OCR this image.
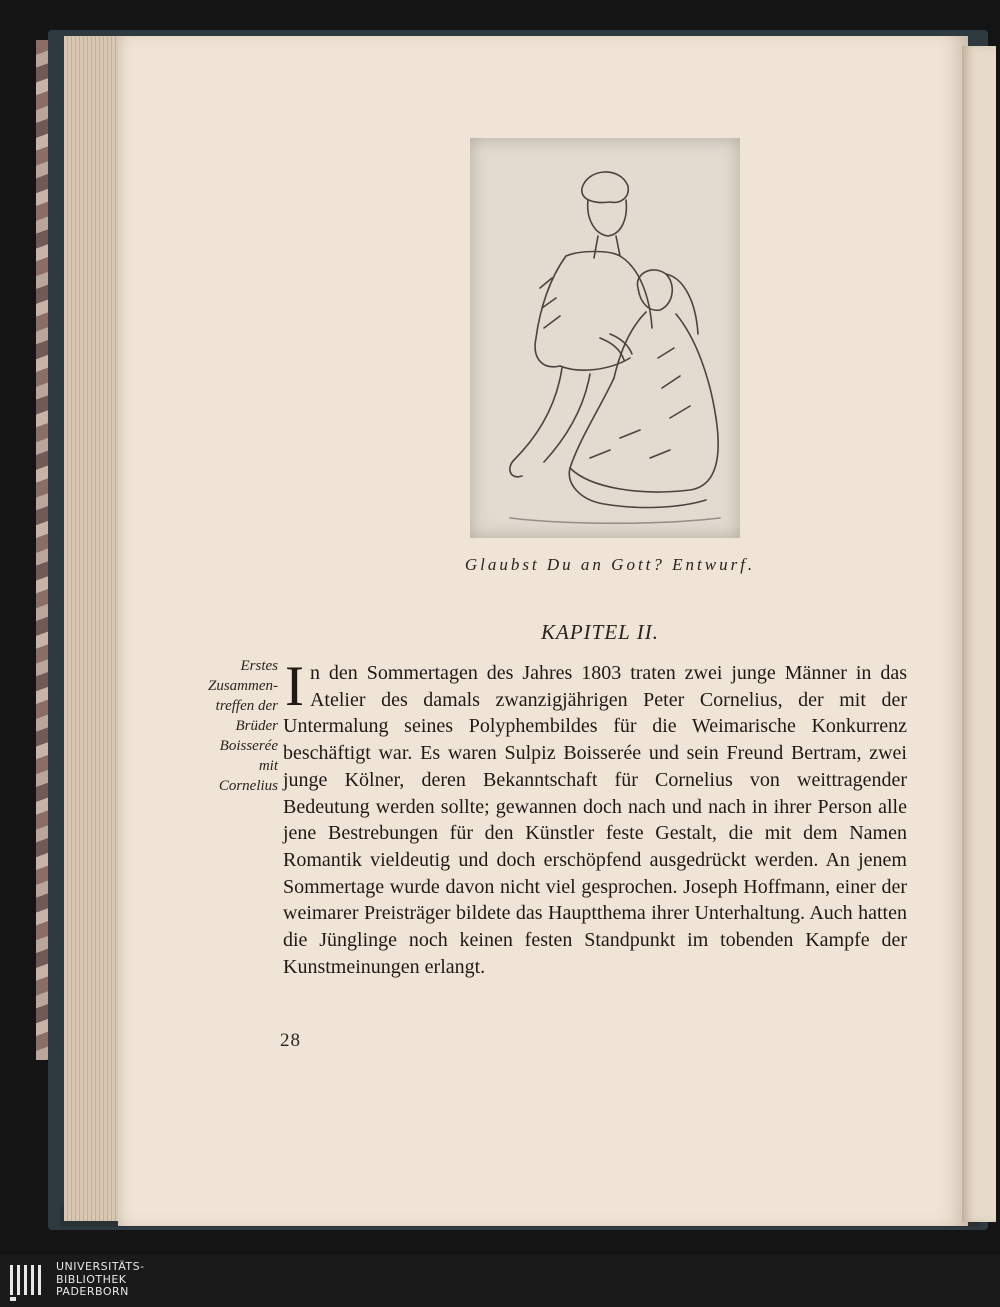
Glaubst Du an Gott? Entwurf.
KAPITEL II.
Erstes
Zusammen-
treffen der
Brüder
Boisserée
mit
Cornelius
In den Sommertagen des Jahres 1803 traten zwei junge Männer in das Atelier des damals zwanzigjährigen Peter Cornelius, der mit der Untermalung seines Polyphembildes für die Weimarische Konkurrenz beschäftigt war. Es waren Sulpiz Boisserée und sein Freund Bertram, zwei junge Kölner, deren Bekanntschaft für Cornelius von weittragender Bedeutung werden sollte; gewannen doch nach und nach in ihrer Person alle jene Bestrebungen für den Künstler feste Gestalt, die mit dem Namen Romantik vieldeutig und doch erschöpfend ausgedrückt werden. An jenem Sommertage wurde davon nicht viel gesprochen. Joseph Hoffmann, einer der weimarer Preisträger bildete das Hauptthema ihrer Unterhaltung. Auch hatten die Jünglinge noch keinen festen Standpunkt im tobenden Kampfe der Kunstmeinungen erlangt.
28
UNIVERSITÄTS-
BIBLIOTHEK
PADERBORN
